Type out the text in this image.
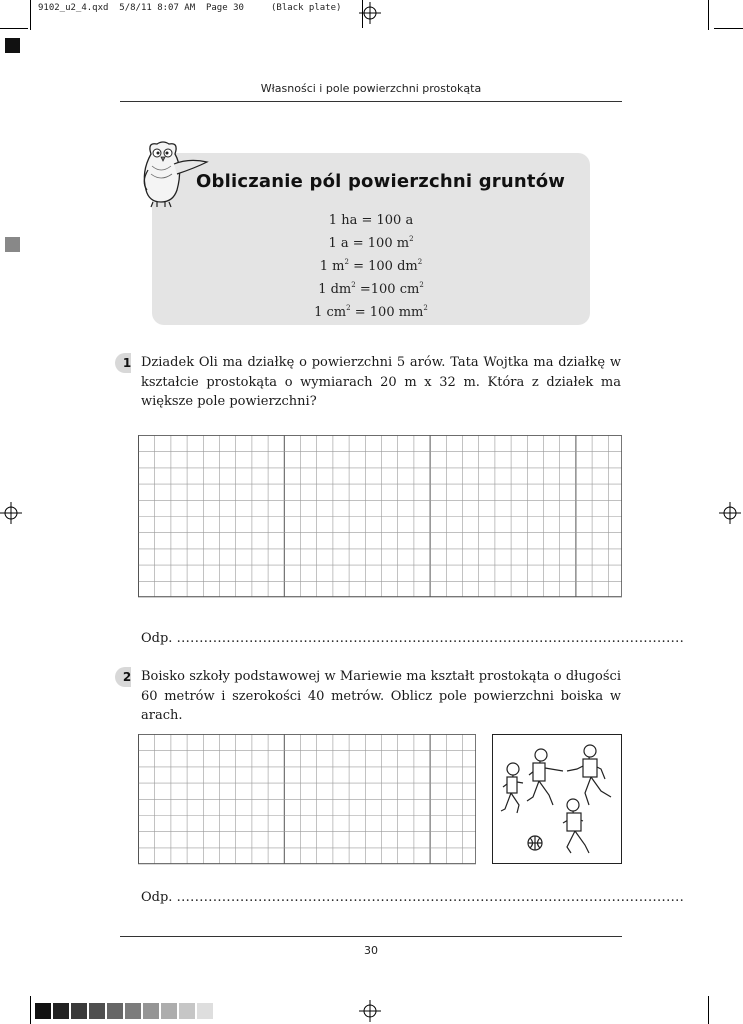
9102_u2_4.qxd  5/8/11 8:07 AM  Page 30     (Black plate)
Własności i pole powierzchni prostokąta
Obliczanie pól powierzchni gruntów
1 ha = 100 a
1 a = 100 $m^2$
1 $m^2 = 100$ $dm^2$
1 $dm^2 =100$ $cm^2$
1 $cm^2 = 100$ $mm^2$
1 Dziadek Oli ma działkę o powierzchni 5 arów. Tata Wojtka ma działkę w kształcie prostokąta o wymiarach 20 m x 32 m. Która z działek ma większe pole powierzchni?
Odp. ................................................................................................................
2 Boisko szkoły podstawowej w Mariewie ma kształt prostokąta o długości 60 metrów i szerokości 40 metrów. Oblicz pole powierzchni boiska w arach.
Odp. ................................................................................................................
30
